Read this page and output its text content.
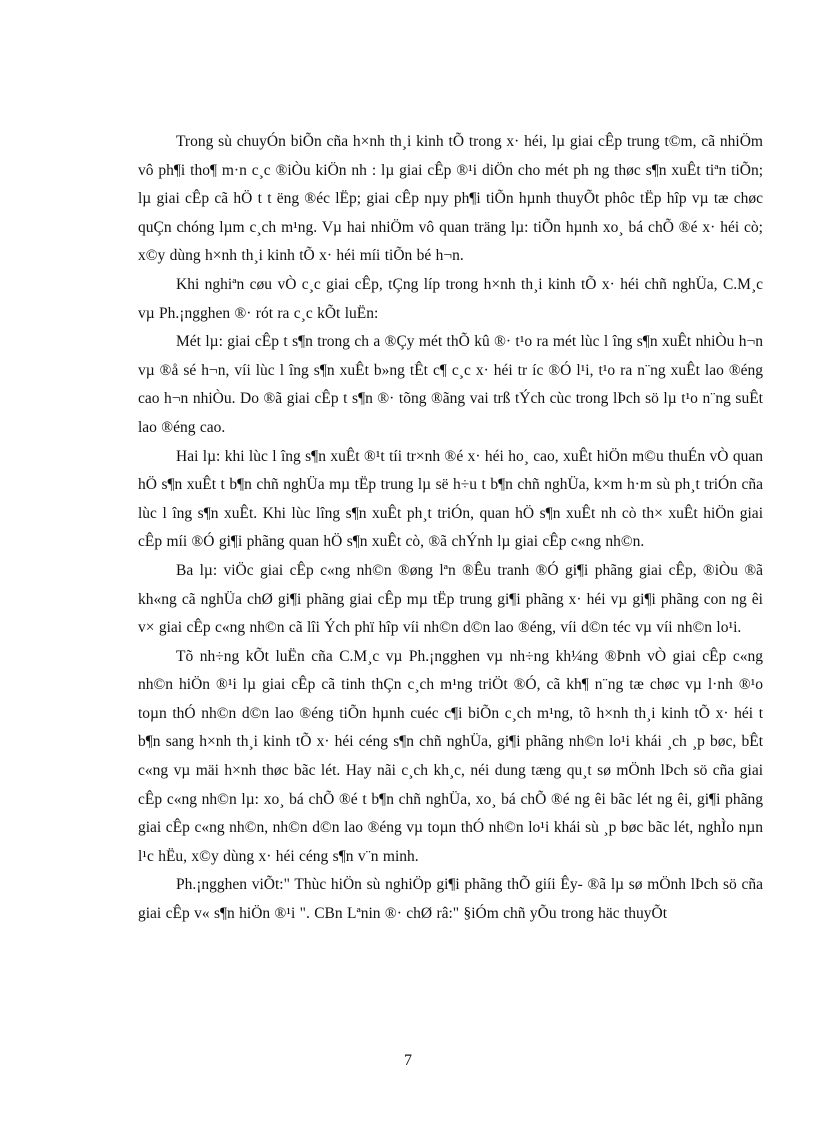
Trong sù chuyÓn biÕn cña h×nh th¸i kinh tÕ trong x· héi, lµ giai cÊp trung t©m, cã nhiÖm vô ph¶i tho¶ m·n c¸c ®iÒu kiÖn nh : lµ giai cÊp ®¹i diÖn cho mét ph ng thøc s¶n xuÊt tiªn tiÕn; lµ giai cÊp cã hÖ t t ëng ®éc lËp; giai cÊp nµy ph¶i tiÕn hµnh thuyÕt phôc tËp hîp vµ tæ chøc quÇn chóng lµm c¸ch m¹ng. Vµ hai nhiÖm vô quan träng lµ: tiÕn hµnh xo¸ bá chÕ ®é x· héi cò; x©y dùng h×nh th¸i kinh tÕ x· héi míi tiÕn bé h¬n.

Khi nghiªn cøu vÒ c¸c giai cÊp, tÇng líp trong h×nh th¸i kinh tÕ x· héi chñ nghÜa, C.M¸c vµ Ph.¡ngghen ®· rót ra c¸c kÕt luËn:

Mét lµ: giai cÊp t s¶n trong ch a ®Çy mét thÕ kû ®· t¹o ra mét lùc l îng s¶n xuÊt nhiÒu h¬n vµ ®å sé h¬n, víi lùc l îng s¶n xuÊt b»ng tÊt c¶ c¸c x· héi tr íc ®Ó l¹i, t¹o ra n¨ng xuÊt lao ®éng cao h¬n nhiÒu. Do ®ã giai cÊp t s¶n ®· tõng ®ãng vai trß tÝch cùc trong lÞch sö lµ t¹o n¨ng suÊt lao ®éng cao.

Hai lµ: khi lùc l îng s¶n xuÊt ®¹t tíi tr×nh ®é x· héi ho¸ cao, xuÊt hiÖn m©u thuÉn vÒ quan hÖ s¶n xuÊt t b¶n chñ nghÜa mµ tËp trung lµ së h÷u t b¶n chñ nghÜa, k×m h·m sù ph¸t triÓn cña lùc l îng s¶n xuÊt. Khi lùc lîng s¶n xuÊt ph¸t triÓn, quan hÖ s¶n xuÊt nh cò th× xuÊt hiÖn giai cÊp míi ®Ó gi¶i phãng quan hÖ s¶n xuÊt cò, ®ã chÝnh lµ giai cÊp c«ng nh©n.

Ba lµ: viÖc giai cÊp c«ng nh©n ®øng lªn ®Êu tranh ®Ó gi¶i phãng giai cÊp, ®iÒu ®ã kh«ng cã nghÜa chØ gi¶i phãng giai cÊp mµ tËp trung gi¶i phãng x· héi vµ gi¶i phãng con ng êi v× giai cÊp c«ng nh©n cã lîi Ých phï hîp víi nh©n d©n lao ®éng, víi d©n téc vµ víi nh©n lo¹i.

Tõ nh÷ng kÕt luËn cña C.M¸c vµ Ph.¡ngghen vµ nh÷ng kh¼ng ®Þnh vÒ giai cÊp c«ng nh©n hiÖn ®¹i lµ giai cÊp cã tinh thÇn c¸ch m¹ng triÖt ®Ó, cã kh¶ n¨ng tæ chøc vµ l·nh ®¹o toµn thÓ nh©n d©n lao ®éng tiÕn hµnh cuéc c¶i biÕn c¸ch m¹ng, tõ h×nh th¸i kinh tÕ x· héi t b¶n sang h×nh th¸i kinh tÕ x· héi céng s¶n chñ nghÜa, gi¶i phãng nh©n lo¹i khái ¸ch ¸p bøc, bÊt c«ng vµ mäi h×nh thøc bãc lét. Hay nãi c¸ch kh¸c, néi dung tæng qu¸t sø mÖnh lÞch sö cña giai cÊp c«ng nh©n lµ: xo¸ bá chÕ ®é t b¶n chñ nghÜa, xo¸ bá chÕ ®é ng êi bãc lét ng êi, gi¶i phãng giai cÊp c«ng nh©n, nh©n d©n lao ®éng vµ toµn thÓ nh©n lo¹i khái sù ¸p bøc bãc lét, nghÌo nµn l¹c hËu, x©y dùng x· héi céng s¶n v¨n minh.

Ph.¡ngghen viÕt:" Thùc hiÖn sù nghiÖp gi¶i phãng thÕ giíi Êy- ®ã lµ sø mÖnh lÞch sö cña giai cÊp v« s¶n hiÖn ®¹i ". CBn Lªnin ®· chØ râ:" §iÓm chñ yÕu trong häc thuyÕt

7
